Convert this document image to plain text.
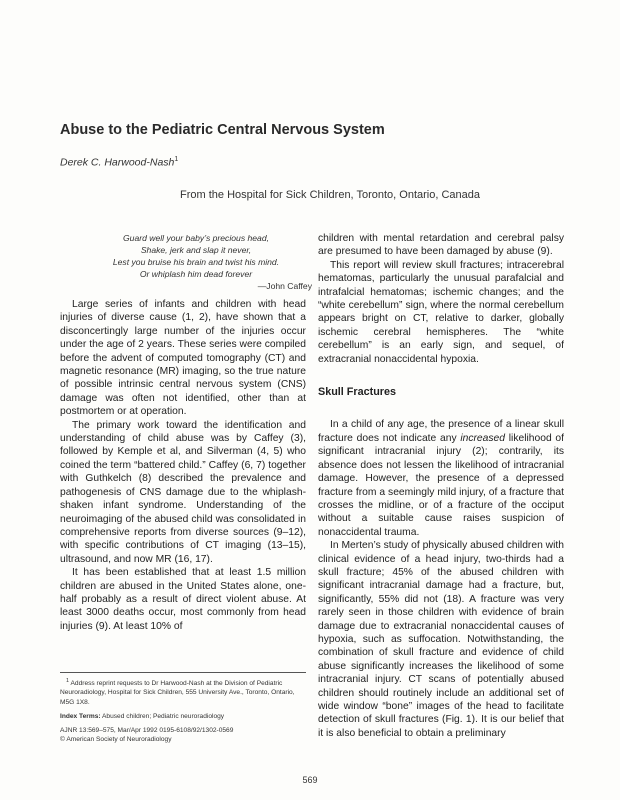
Abuse to the Pediatric Central Nervous System
Derek C. Harwood-Nash$^1$
From the Hospital for Sick Children, Toronto, Ontario, Canada
Guard well your baby’s precious head,
Shake, jerk and slap it never,
Lest you bruise his brain and twist his mind.
Or whiplash him dead forever
—John Caffey

Large series of infants and children with head injuries of diverse cause (1, 2), have shown that a disconcertingly large number of the injuries occur under the age of 2 years. These series were compiled before the advent of computed tomography (CT) and magnetic resonance (MR) imaging, so the true nature of possible intrinsic central nervous system (CNS) damage was often not identified, other than at postmortem or at operation.

The primary work toward the identification and understanding of child abuse was by Caffey (3), followed by Kemple et al, and Silverman (4, 5) who coined the term “battered child.” Caffey (6, 7) together with Guthkelch (8) described the prevalence and pathogenesis of CNS damage due to the whiplash-shaken infant syndrome. Understanding of the neuroimaging of the abused child was consolidated in comprehensive reports from diverse sources (9–12), with specific contributions of CT imaging (13–15), ultrasound, and now MR (16, 17).

It has been established that at least 1.5 million children are abused in the United States alone, one-half probably as a result of direct violent abuse. At least 3000 deaths occur, most commonly from head injuries (9). At least 10% of

$^1$ Address reprint requests to Dr Harwood-Nash at the Division of Pediatric Neuroradiology, Hospital for Sick Children, 555 University Ave., Toronto, Ontario, M5G 1X8.

Index Terms: Abused children; Pediatric neuroradiology

AJNR 13:569–575, Mar/Apr 1992 0195-6108/92/1302-0569

© American Society of Neuroradiology

children with mental retardation and cerebral palsy are presumed to have been damaged by abuse (9).

This report will review skull fractures; intracerebral hematomas, particularly the unusual parafalcial and intrafalcial hematomas; ischemic changes; and the “white cerebellum” sign, where the normal cerebellum appears bright on CT, relative to darker, globally ischemic cerebral hemispheres. The “white cerebellum” is an early sign, and sequel, of extracranial nonaccidental hypoxia.

Skull Fractures

In a child of any age, the presence of a linear skull fracture does not indicate any increased likelihood of significant intracranial injury (2); contrarily, its absence does not lessen the likelihood of intracranial damage. However, the presence of a depressed fracture from a seemingly mild injury, of a fracture that crosses the midline, or of a fracture of the occiput without a suitable cause raises suspicion of nonaccidental trauma.

In Merten’s study of physically abused children with clinical evidence of a head injury, two-thirds had a skull fracture; 45% of the abused children with significant intracranial damage had a fracture, but, significantly, 55% did not (18). A fracture was very rarely seen in those children with evidence of brain damage due to extracranial nonaccidental causes of hypoxia, such as suffocation. Notwithstanding, the combination of skull fracture and evidence of child abuse significantly increases the likelihood of some intracranial injury. CT scans of potentially abused children should routinely include an additional set of wide window “bone” images of the head to facilitate detection of skull fractures (Fig. 1). It is our belief that it is also beneficial to obtain a preliminary

569
